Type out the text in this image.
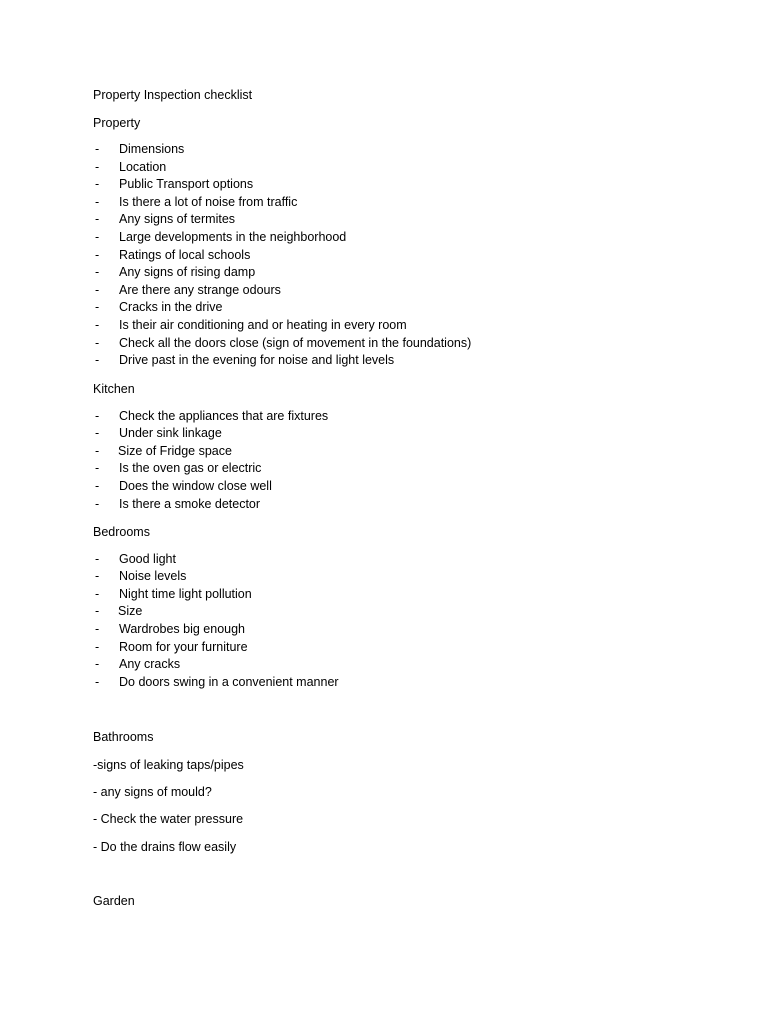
Property Inspection checklist
Property
- Dimensions
- Location
- Public Transport options
- Is there a lot of noise from traffic
- Any signs of termites
- Large developments in the neighborhood
- Ratings of local schools
- Any signs of rising damp
- Are there any strange odours
- Cracks in the drive
- Is their air conditioning and or heating in every room
- Check all the doors close (sign of movement in the foundations)
- Drive past in the evening for noise and light levels
Kitchen
- Check the appliances that are fixtures
- Under sink linkage
- Size of Fridge space
- Is the oven gas or electric
- Does the window close well
- Is there a smoke detector
Bedrooms
- Good light
- Noise levels
- Night time light pollution
- Size
- Wardrobes big enough
- Room for your furniture
- Any cracks
- Do doors swing in a convenient manner
Bathrooms
-signs of leaking taps/pipes
- any signs of mould?
- Check the water pressure
- Do the drains flow easily
Garden
